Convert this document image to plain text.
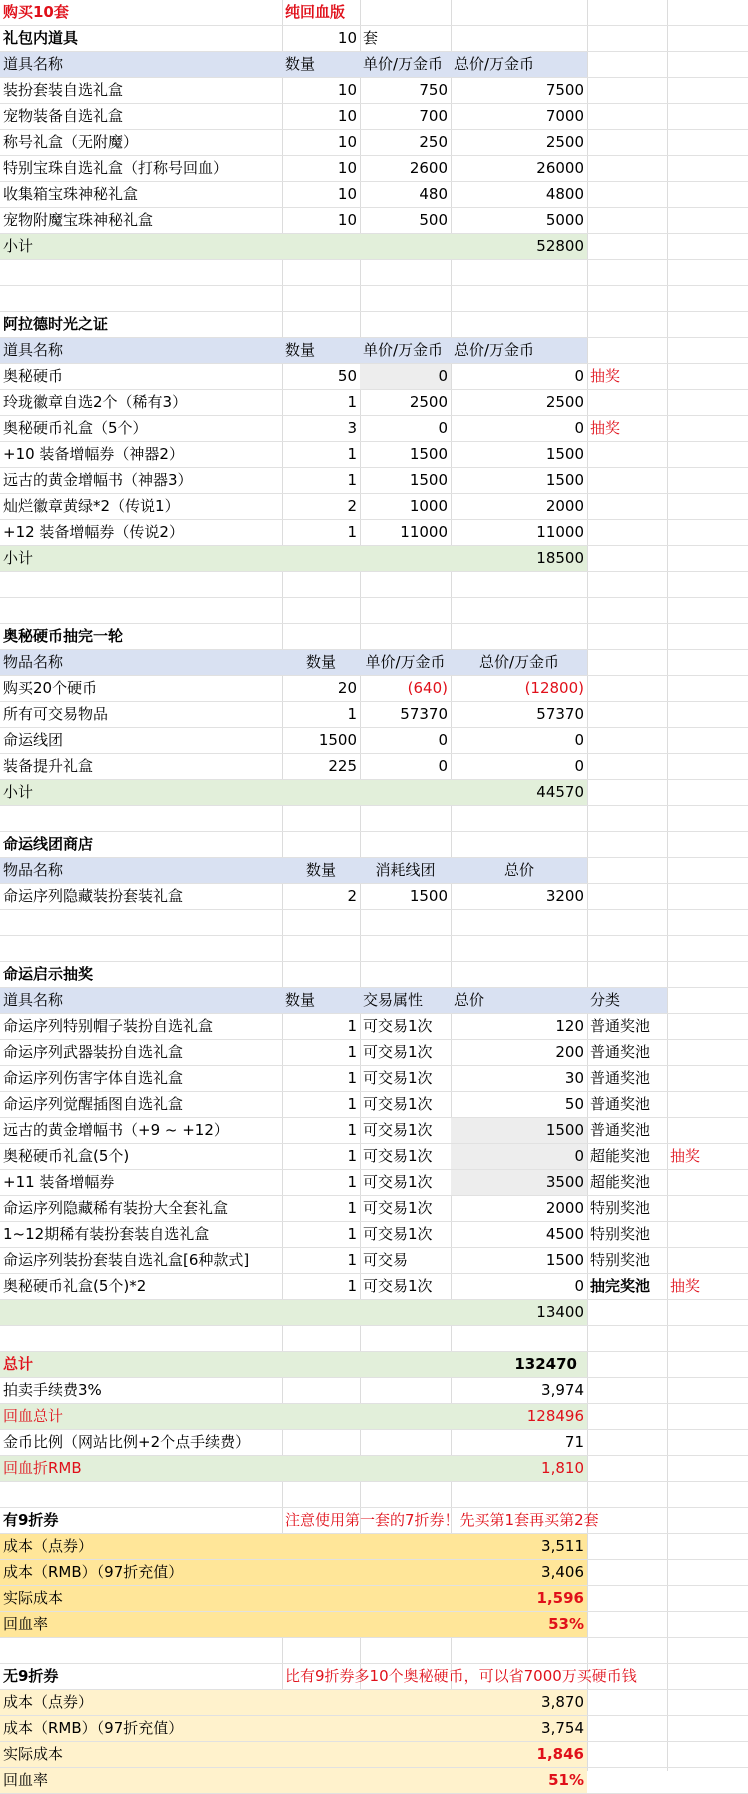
购买10套	纯回血版
礼包内道具	10 套
道具名称	数量	单价/万金币 总价/万金币
装扮套装自选礼盒	10	750	7500
宠物装备自选礼盒	10	700	7000
称号礼盒（无附魔）	10	250	2500
特别宝珠自选礼盒（打称号回血）	10	2600	26000
收集箱宝珠神秘礼盒	10	480	4800
宠物附魔宝珠神秘礼盒	10	500	5000
小计	52800
阿拉德时光之证
道具名称	数量	单价/万金币 总价/万金币
奥秘硬币	50	0	0 抽奖
玲珑徽章自选2个（稀有3）	1	2500	2500
奥秘硬币礼盒（5个）	3	0	0 抽奖
+10 装备增幅券（神器2）	1	1500	1500
远古的黄金增幅书（神器3）	1	1500	1500
灿烂徽章黄绿*2（传说1）	2	1000	2000
+12 装备增幅券（传说2）	1	11000	11000
小计	18500
奥秘硬币抽完一轮
物品名称	数量	单价/万金币	总价/万金币
购买20个硬币	20	(640)	(12800)
所有可交易物品	1	57370	57370
命运线团	1500	0	0
装备提升礼盒	225	0	0
小计	44570
命运线团商店
物品名称	数量	消耗线团	总价
命运序列隐藏装扮套装礼盒	2	1500	3200
命运启示抽奖
道具名称	数量	交易属性	总价	分类
命运序列特别帽子装扮自选礼盒	1 可交易1次	120 普通奖池
命运序列武器装扮自选礼盒	1 可交易1次	200 普通奖池
命运序列伤害字体自选礼盒	1 可交易1次	30 普通奖池
命运序列觉醒插图自选礼盒	1 可交易1次	50 普通奖池
远古的黄金增幅书（+9 ~ +12）	1 可交易1次	1500 普通奖池
奥秘硬币礼盒(5个)	1 可交易1次	0 超能奖池	抽奖
+11 装备增幅券	1 可交易1次	3500 超能奖池
命运序列隐藏稀有装扮大全套礼盒	1 可交易1次	2000 特别奖池
1~12期稀有装扮套装自选礼盒	1 可交易1次	4500 特别奖池
命运序列装扮套装自选礼盒[6种款式]	1 可交易	1500 特别奖池
奥秘硬币礼盒(5个)*2	1 可交易1次	0 抽完奖池	抽奖
13400
总计	132470
拍卖手续费3%	3,974
回血总计	128496
金币比例（网站比例+2个点手续费）	71
回血折RMB	1,810
有9折券	注意使用第一套的7折券！先买第1套再买第2套
成本（点券）	3,511
成本（RMB）（97折充值）	3,406
实际成本	1,596
回血率	53%
无9折券	比有9折券多10个奥秘硬币，可以省7000万买硬币钱
成本（点券）	3,870
成本（RMB）（97折充值）	3,754
实际成本	1,846
回血率	51%
